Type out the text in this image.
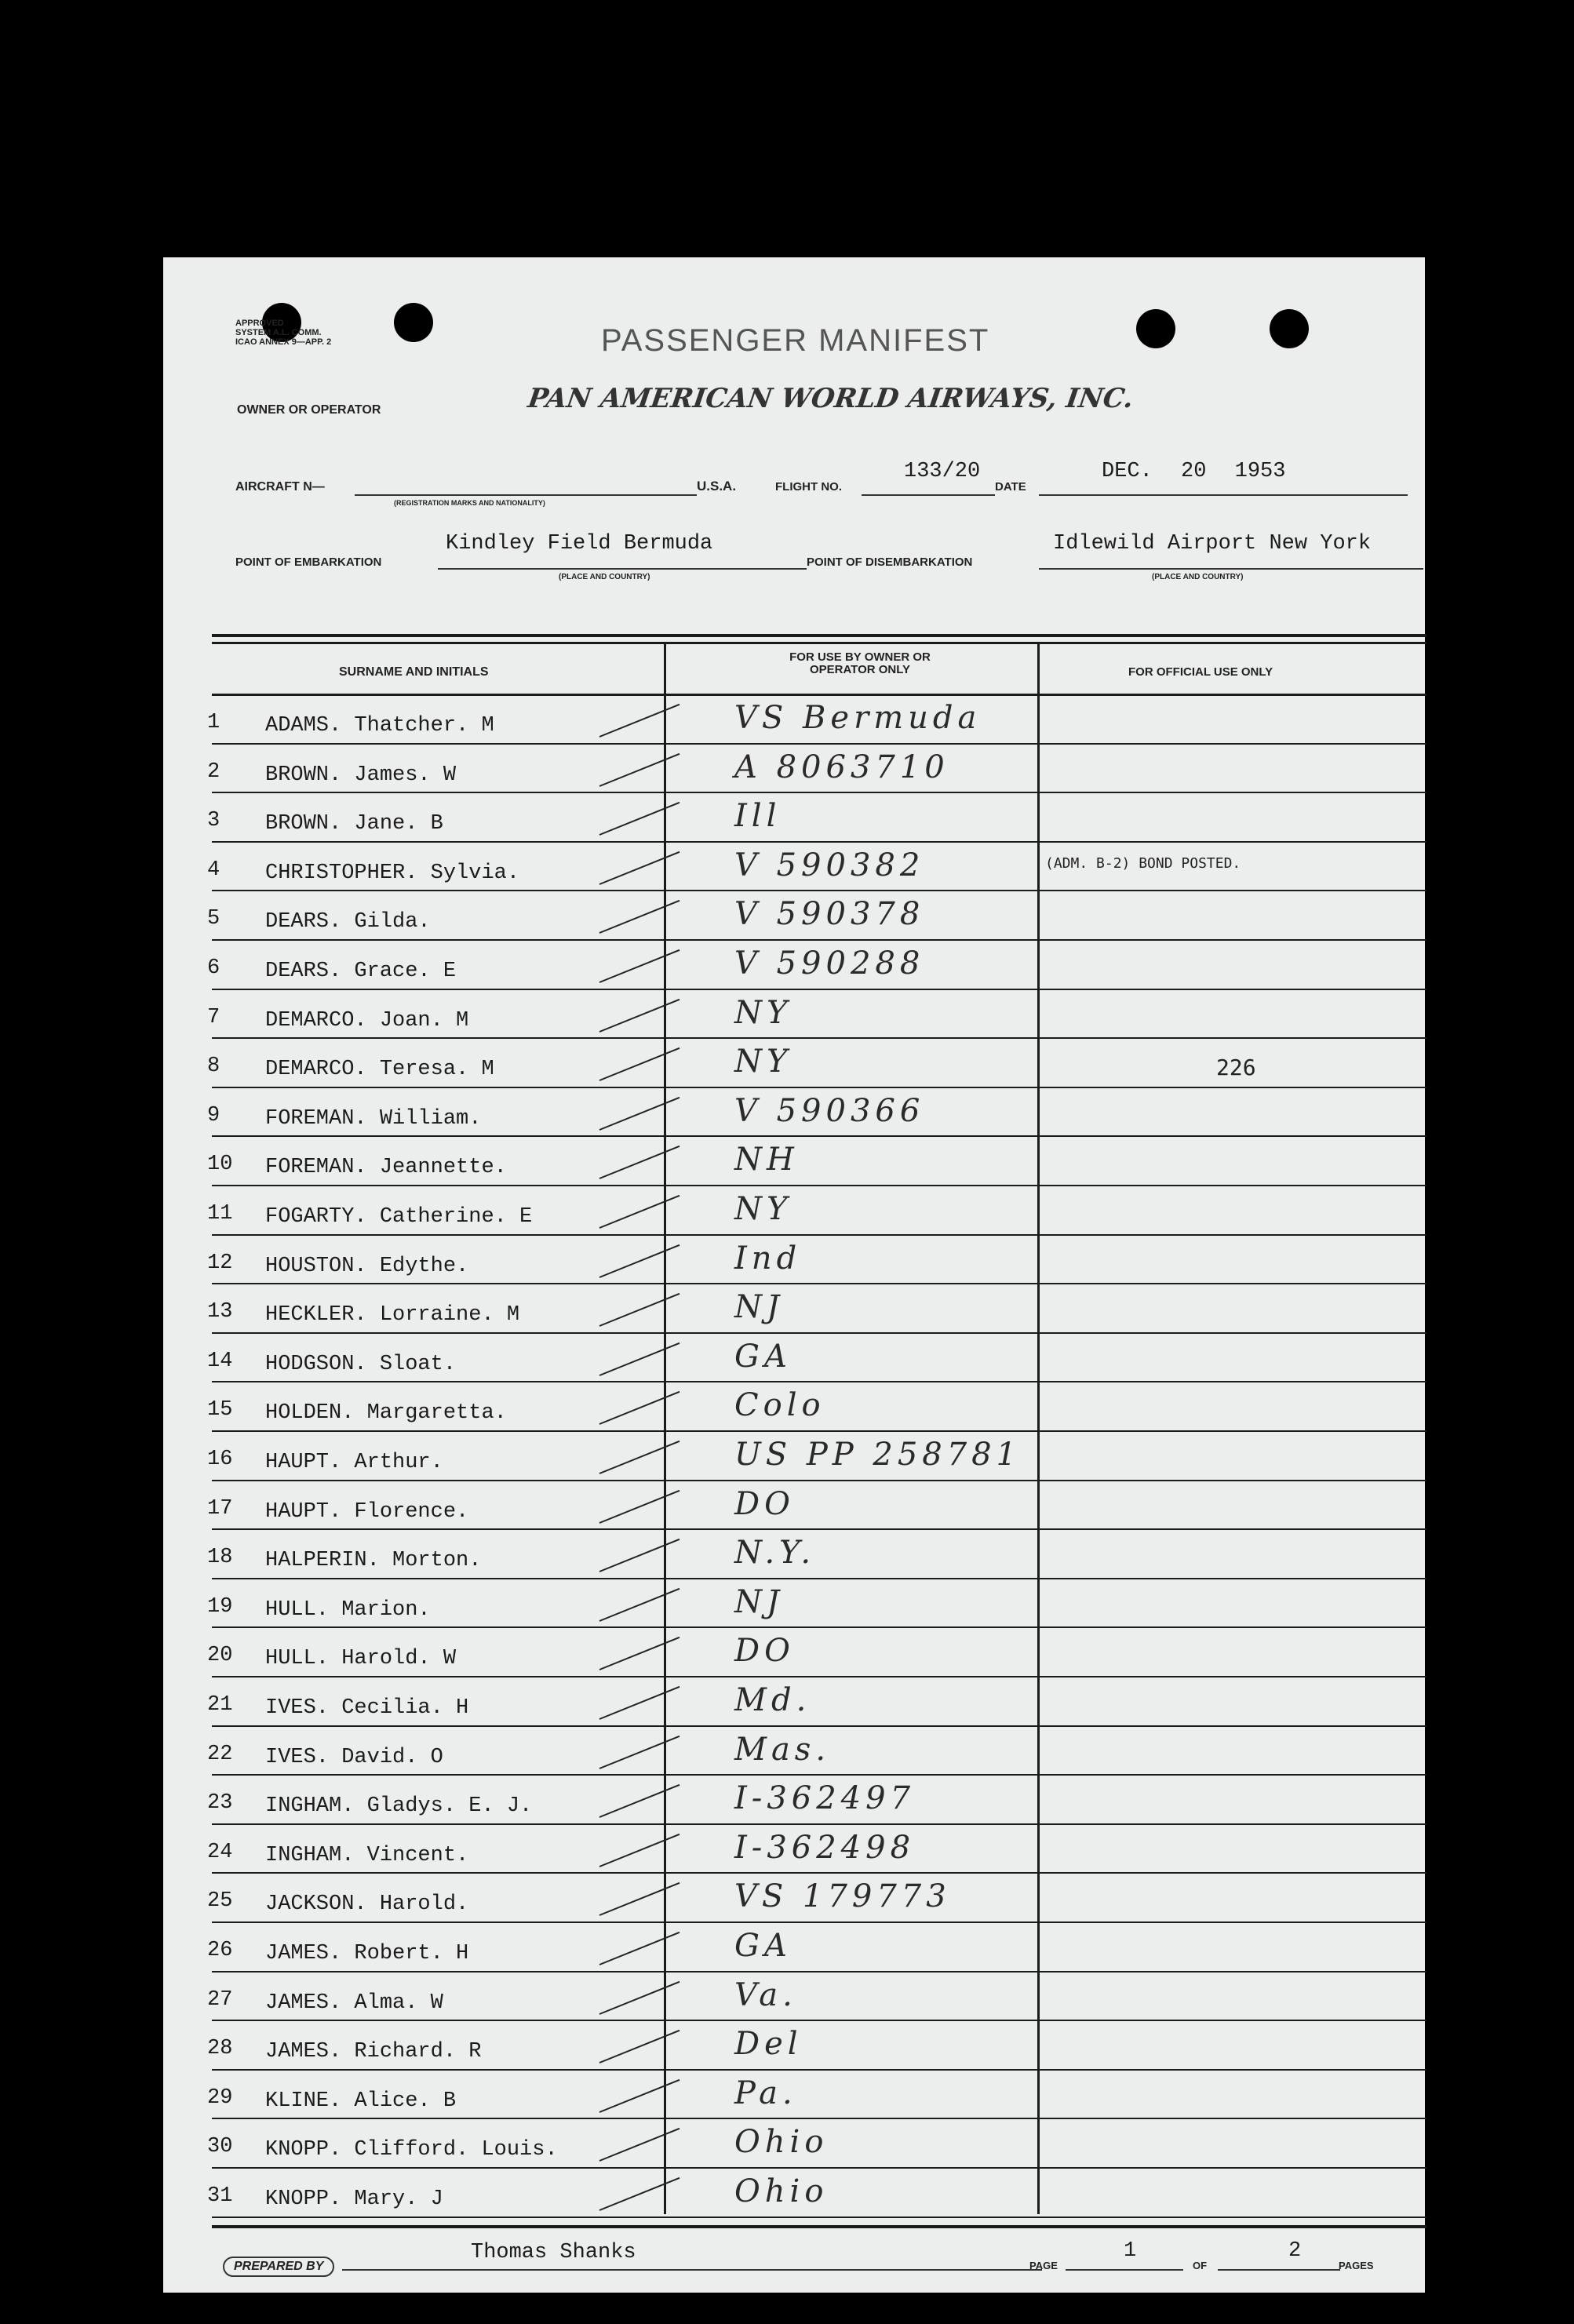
APPROVED
SYSTEM A.L. COMM.
ICAO ANNEX 9—APP. 2	PASSENGER MANIFEST
OWNER OR OPERATOR	PAN AMERICAN WORLD AIRWAYS, INC.
AIRCRAFT N—
(REGISTRATION MARKS AND NATIONALITY)
U.S.A.	FLIGHT NO.
133/20
DATE
DEC. 20 1953
POINT OF EMBARKATION
Kindley Field Bermuda
(PLACE AND COUNTRY)
POINT OF DISEMBARKATION
Idlewild Airport New York
(PLACE AND COUNTRY)
SURNAME AND INITIALS
FOR USE BY OWNER OR OPERATOR ONLY	FOR OFFICIAL USE ONLY
1 ADAMS. Thatcher. M	VS Bermuda
2 BROWN. James. W	A 8063710
3 BROWN. Jane. B	Ill
4 CHRISTOPHER. Sylvia.	V 590382	(ADM. B-2) BOND POSTED.
5 DEARS. Gilda.	V 590378
6 DEARS. Grace. E	V 590288
7 DEMARCO. Joan. M	NY
8 DEMARCO. Teresa. M	NY	226
9 FOREMAN. William.	V 590366
10 FOREMAN. Jeannette.	NH
11 FOGARTY. Catherine. E	NY
12 HOUSTON. Edythe.	Ind
13 HECKLER. Lorraine. M	NJ
14 HODGSON. Sloat.	GA
15 HOLDEN. Margaretta.	Colo
16 HAUPT. Arthur.	US PP 258781
17 HAUPT. Florence.	DO
18 HALPERIN. Morton.	N.Y.
19 HULL. Marion.	NJ
20 HULL. Harold. W	DO
21 IVES. Cecilia. H	Md.
22 IVES. David. O	Mas.
23 INGHAM. Gladys. E. J.	I-362497
24 INGHAM. Vincent.	I-362498
25 JACKSON. Harold.	VS 179773
26 JAMES. Robert. H	GA
27 JAMES. Alma. W	Va.
28 JAMES. Richard. R	Del
29 KLINE. Alice. B	Pa.
30 KNOPP. Clifford. Louis.	Ohio
31 KNOPP. Mary. J	Ohio
PREPARED BY
Thomas Shanks
PAGE
1
OF
2
PAGES
